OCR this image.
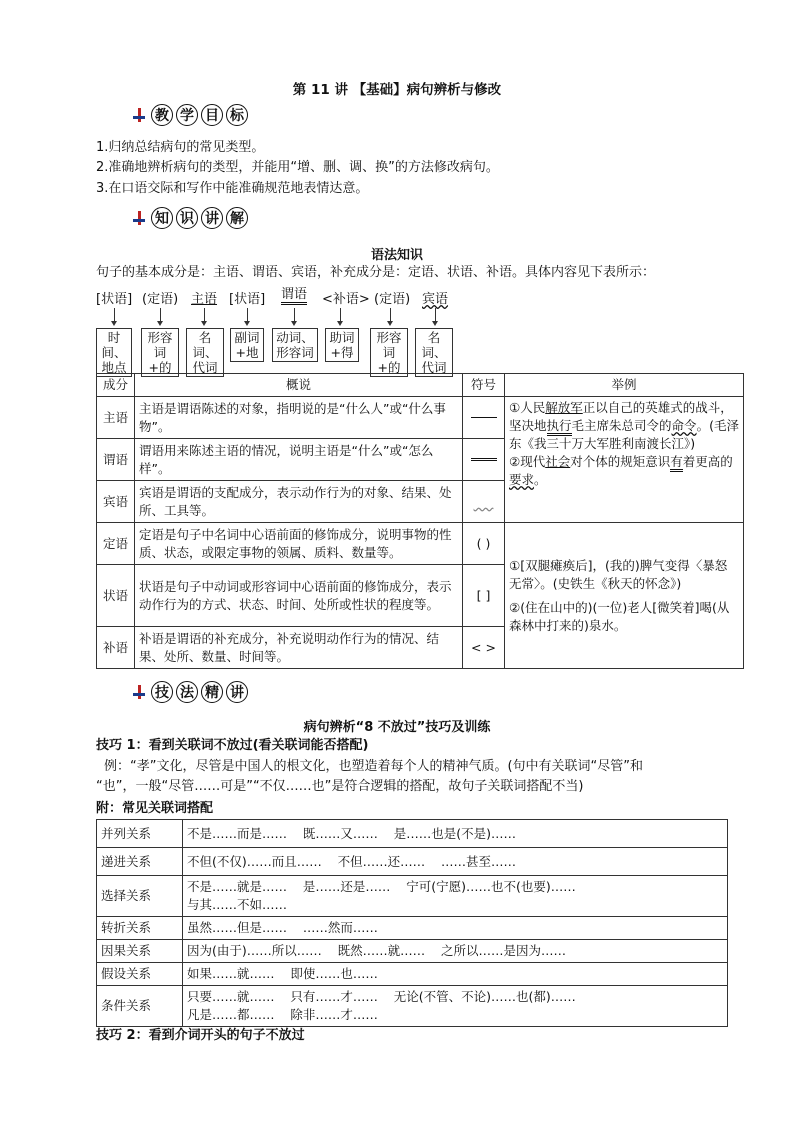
第 11 讲 【基础】病句辨析与修改
教 学 目 标
1.归纳总结病句的常见类型。
2.准确地辨析病句的类型，并能用“增、删、调、换”的方法修改病句。
3.在口语交际和写作中能准确规范地表情达意。
知 识 讲 解
语法知识
句子的基本成分是：主语、谓语、宾语，补充成分是：定语、状语、补语。具体内容见下表所示：
[状语] (定语) 主语 [状语] 谓语 <补语> (定语) 宾语
时间、
地点
形容
词+的
名词、
代词
副词
+地
动词、
形容词
助词
+得
形容
词+的
名词、
代词
成分	概说	符号	举例
主语	主语是谓语陈述的对象，指明说的是“什么人”或“什么事物”。		①人民解放军正以自己的英雄式的战斗，坚决地执行毛主席朱总司令的命令。(毛泽东《我三十万大军胜利南渡长江》)
②现代社会对个体的规矩意识有着更高的要求。
谓语	谓语用来陈述主语的情况，说明主语是“什么”或“怎么样”。		

宾语	宾语是谓语的支配成分，表示动作行为的对象、结果、处所、工具等。		
定语	定语是句子中名词中心语前面的修饰成分，说明事物的性质、状态，或限定事物的领属、质料、数量等。	( )	①[双腿瘫痪后]，(我的)脾气变得〈暴怒无常〉。(史铁生《秋天的怀念》)
②(住在山中的)(一位)老人[微笑着]喝(从森林中打来的)泉水。

状语	状语是句子中动词或形容词中心语前面的修饰成分，表示动作行为的方式、状态、时间、处所或性状的程度等。	[ ]	
补语	补语是谓语的补充成分，补充说明动作行为的情况、结果、处所、数量、时间等。	< >	
技 法 精 讲
病句辨析“8 不放过”技巧及训练
技巧 1：看到关联词不放过(看关联词能否搭配)
例：“孝”文化，尽管是中国人的根文化，也塑造着每个人的精神气质。(句中有关联词“尽管”和
“也”，一般“尽管……可是”“不仅……也”是符合逻辑的搭配，故句子关联词搭配不当)
附：常见关联词搭配
并列关系	不是……而是……    既……又……    是……也是(不是)……
递进关系	不但(不仅)……而且……    不但……还……    ……甚至……
选择关系	不是……就是……    是……还是……    宁可(宁愿)……也不(也要)……
与其……不如……

转折关系	虽然……但是……    ……然而……
因果关系	因为(由于)……所以……    既然……就……    之所以……是因为……
假设关系	如果……就……    即使……也……
条件关系	只要……就……    只有……才……    无论(不管、不论)……也(都)……
凡是……都……    除非……才……
技巧 2：看到介词开头的句子不放过
